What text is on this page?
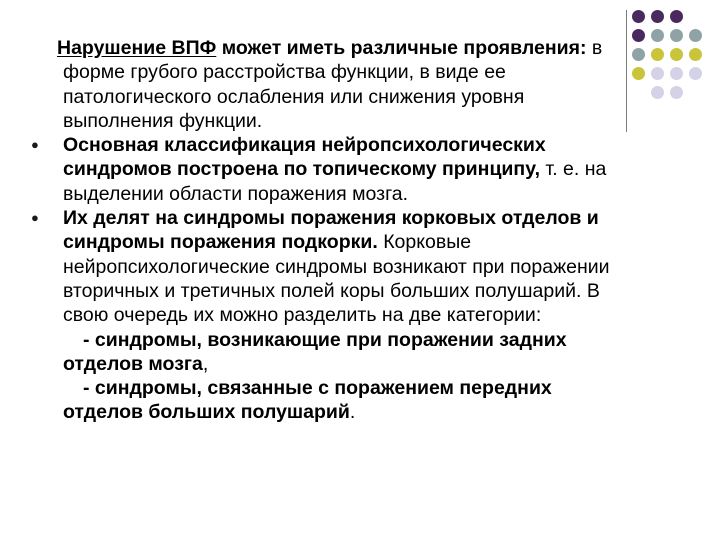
Нарушение ВПФ может иметь различные проявления: в форме грубого расстройства функции, в виде ее патологического ослабления или снижения уровня выполнения функции.
●	Основная классификация нейропсихологических синдромов построена по топическому принципу, т. е. на выделении области поражения мозга.
●	Их делят на синдромы поражения корковых отделов и синдромы поражения подкорки. Корковые нейропсихологические синдромы возникают при поражении вторичных и третичных полей коры больших полушарий. В свою очередь их можно разделить на две категории:
- синдромы, возникающие при поражении задних отделов мозга,
- синдромы, связанные с поражением передних отделов больших полушарий.
